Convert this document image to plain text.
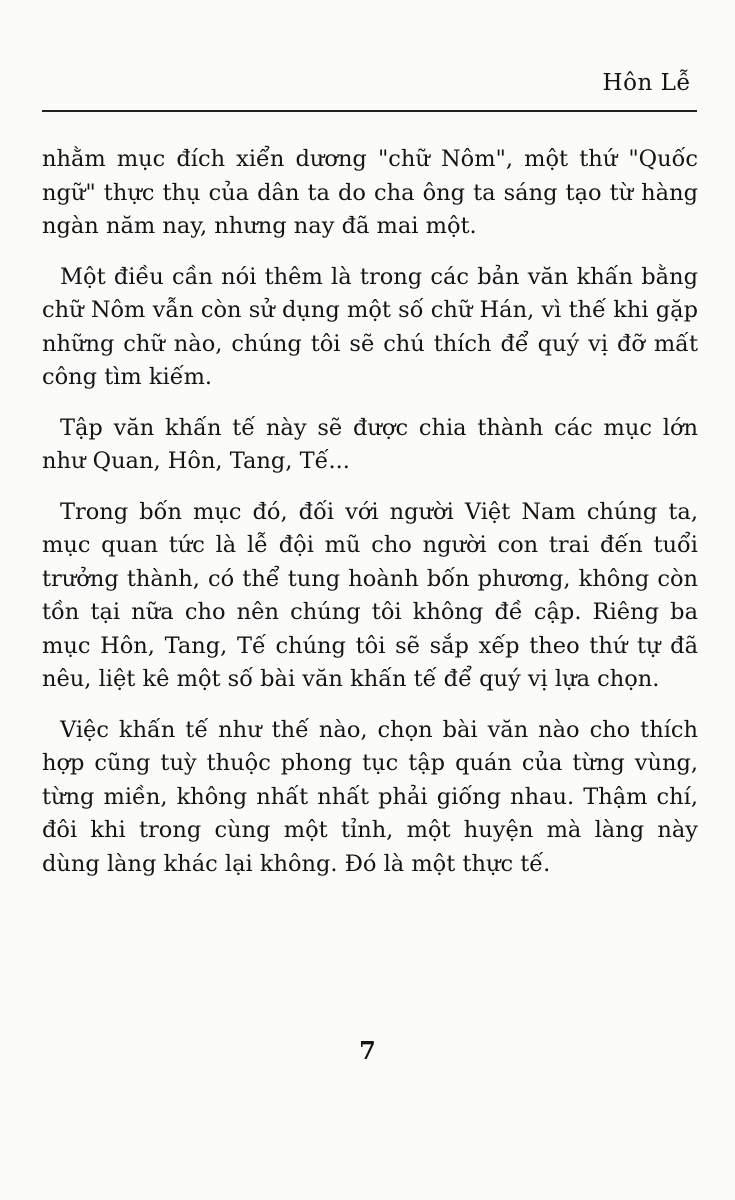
Hôn Lễ

nhằm mục đích xiển dương "chữ Nôm", một thứ "Quốc ngữ" thực thụ của dân ta do cha ông ta sáng tạo từ hàng ngàn năm nay, nhưng nay đã mai một.

Một điều cần nói thêm là trong các bản văn khấn bằng chữ Nôm vẫn còn sử dụng một số chữ Hán, vì thế khi gặp những chữ nào, chúng tôi sẽ chú thích để quý vị đỡ mất công tìm kiếm.

Tập văn khấn tế này sẽ được chia thành các mục lớn như Quan, Hôn, Tang, Tế...

Trong bốn mục đó, đối với người Việt Nam chúng ta, mục quan tức là lễ đội mũ cho người con trai đến tuổi trưởng thành, có thể tung hoành bốn phương, không còn tồn tại nữa cho nên chúng tôi không đề cập. Riêng ba mục Hôn, Tang, Tế chúng tôi sẽ sắp xếp theo thứ tự đã nêu, liệt kê một số bài văn khấn tế để quý vị lựa chọn.

Việc khấn tế như thế nào, chọn bài văn nào cho thích hợp cũng tuỳ thuộc phong tục tập quán của từng vùng, từng miền, không nhất nhất phải giống nhau. Thậm chí, đôi khi trong cùng một tỉnh, một huyện mà làng này dùng làng khác lại không. Đó là một thực tế.

7
